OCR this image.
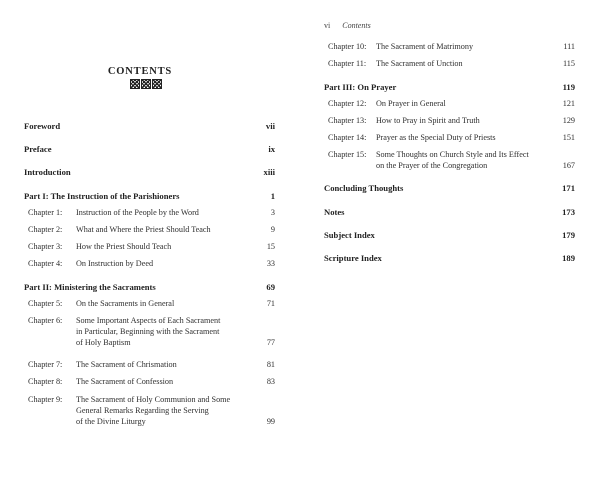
CONTENTS
Foreword	vii
Preface	ix
Introduction	xiii
Part I: The Instruction of the Parishioners	1
Chapter 1: Instruction of the People by the Word	3
Chapter 2: What and Where the Priest Should Teach	9
Chapter 3: How the Priest Should Teach	15
Chapter 4: On Instruction by Deed	33
Part II: Ministering the Sacraments	69
Chapter 5: On the Sacraments in General	71
Chapter 6: Some Important Aspects of Each Sacrament
in Particular, Beginning with the Sacrament
of Holy Baptism	77
Chapter 7: The Sacrament of Chrismation	81
Chapter 8: The Sacrament of Confession	83
Chapter 9: The Sacrament of Holy Communion and Some
General Remarks Regarding the Serving
of the Divine Liturgy	99
vi Contents
Chapter 10: The Sacrament of Matrimony	111
Chapter 11: The Sacrament of Unction	115
Part III: On Prayer	119
Chapter 12: On Prayer in General	121
Chapter 13: How to Pray in Spirit and Truth	129
Chapter 14: Prayer as the Special Duty of Priests	151
Chapter 15: Some Thoughts on Church Style and Its Effect
on the Prayer of the Congregation	167
Concluding Thoughts	171
Notes	173
Subject Index	179
Scripture Index	189
